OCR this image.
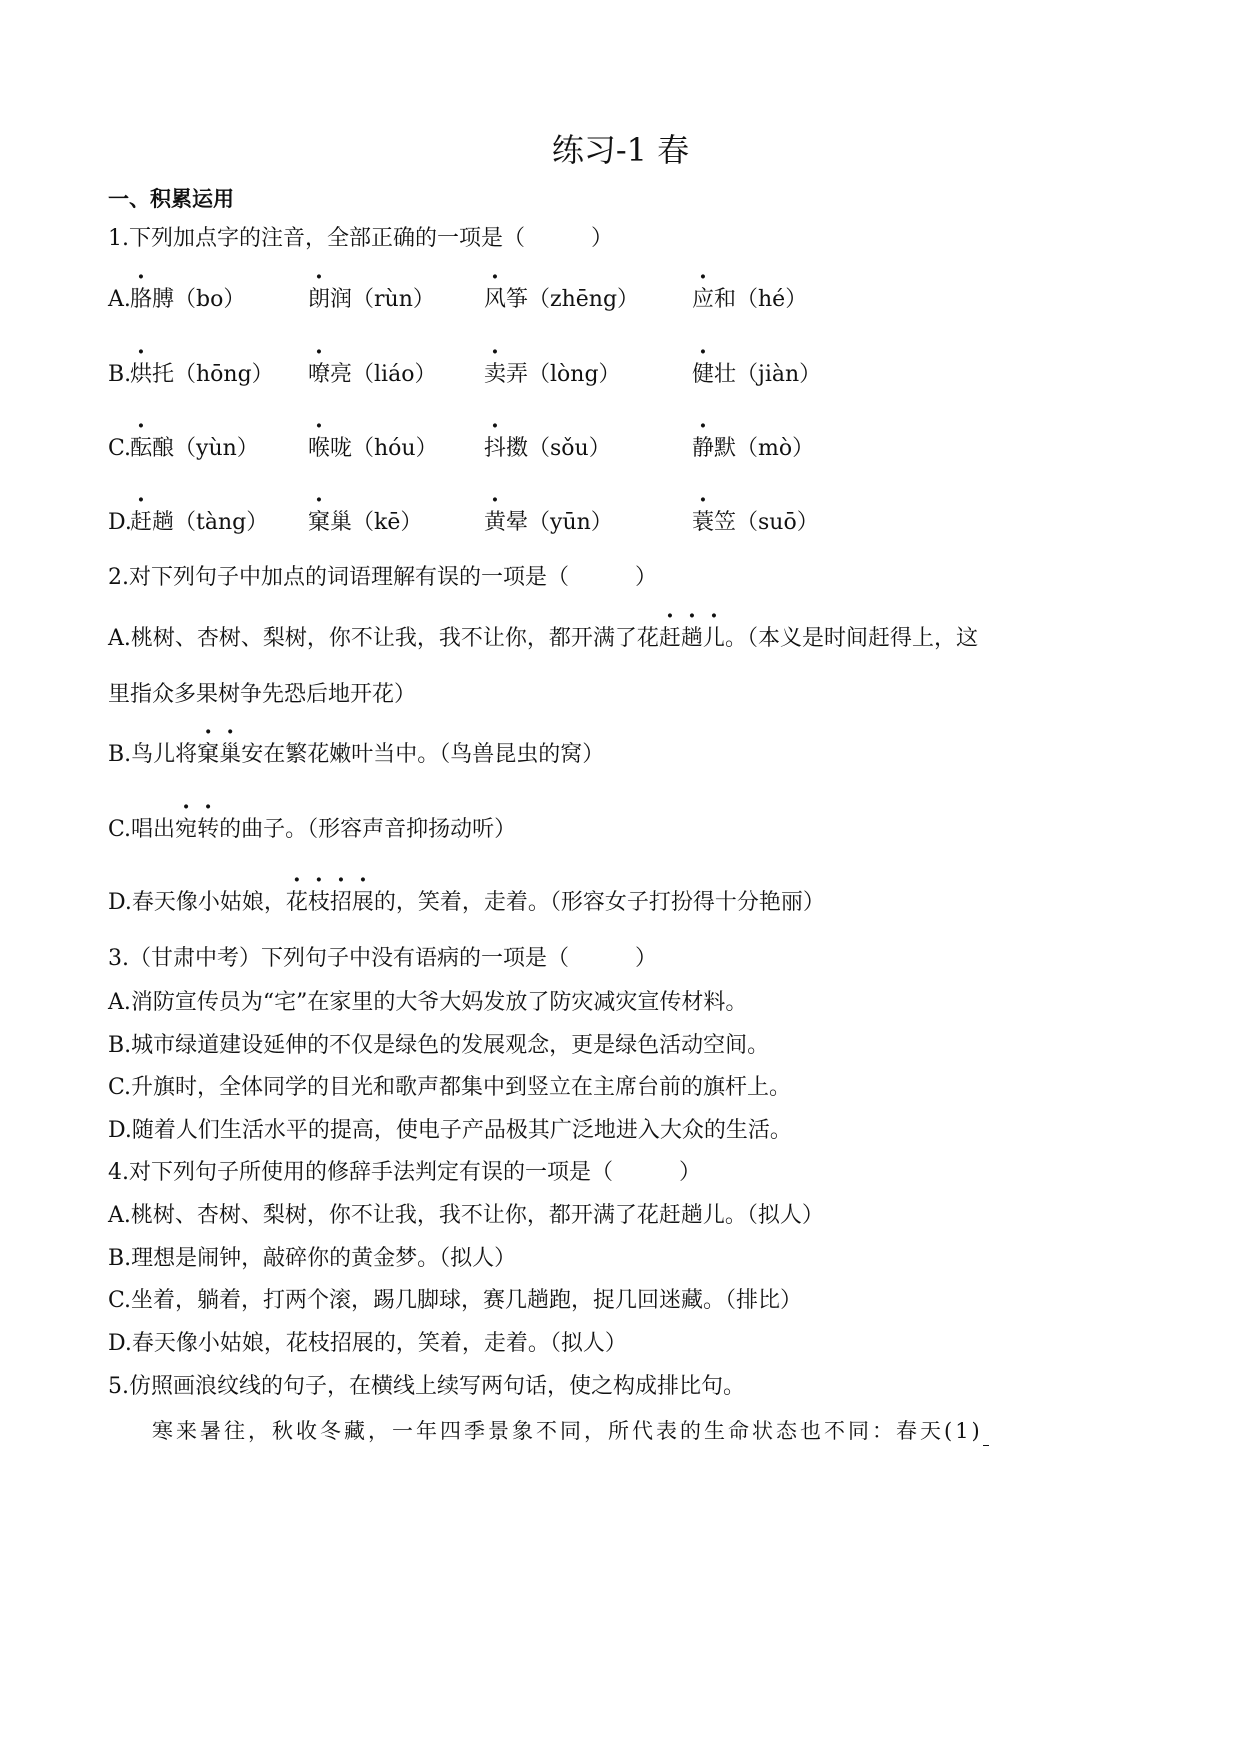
练习-1 春
一、积累运用
1.下列加点字的注音，全部正确的一项是（　　　）
A. 胳膊（bo）	朗润（rùn） 风筝（zhēng） 应和（hé）
B.
烘托（hōng） 嘹亮（liáo） 卖弄（lòng）	健壮（jiàn）
C.
酝酿（yùn） 喉咙（hóu） 抖擞（sǒu）	静默（mò）
D.
赶趟（tàng） 窠巢（kē）	黄晕（yūn）	蓑笠（suō）
2.对下列句子中加点的词语理解有误的一项是（　　　）
A.桃树、杏树、梨树，你不让我，我不让你，都开满了花赶趟儿。（本义是时间赶得上，这
里指众多果树争先恐后地开花）
B.鸟儿将窠巢安在繁花嫩叶当中。（鸟兽昆虫的窝）
C.唱出宛转的曲子。（形容声音抑扬动听）
D.春天像小姑娘，花枝招展的，笑着，走着。（形容女子打扮得十分艳丽）
3.（甘肃中考）下列句子中没有语病的一项是（　　　）
A.消防宣传员为“宅”在家里的大爷大妈发放了防灾减灾宣传材料。
B.城市绿道建设延伸的不仅是绿色的发展观念，更是绿色活动空间。
C.升旗时，全体同学的目光和歌声都集中到竖立在主席台前的旗杆上。
D.随着人们生活水平的提高，使电子产品极其广泛地进入大众的生活。
4.对下列句子所使用的修辞手法判定有误的一项是（　　　）
A.桃树、杏树、梨树，你不让我，我不让你，都开满了花赶趟儿。（拟人）
B.理想是闹钟，敲碎你的黄金梦。（拟人）
C.坐着，躺着，打两个滚，踢几脚球，赛几趟跑，捉几回迷藏。（排比）
D.春天像小姑娘，花枝招展的，笑着，走着。（拟人）
5.仿照画浪纹线的句子，在横线上续写两句话，使之构成排比句。
寒来暑往，秋收冬藏，一年四季景象不同，所代表的生命状态也不同：春天(1)
